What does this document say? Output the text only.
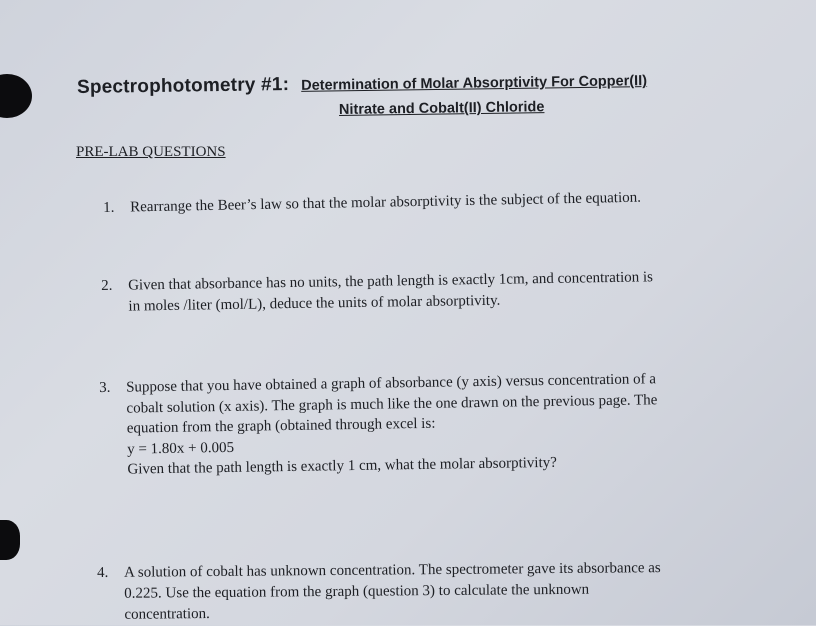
Spectrophotometry #1: Determination of Molar Absorptivity For Copper(II)
Nitrate and Cobalt(II) Chloride
PRE-LAB QUESTIONS
1. Rearrange the Beer’s law so that the molar absorptivity is the subject of the equation.
2. Given that absorbance has no units, the path length is exactly 1cm, and concentration is
in moles /liter (mol/L), deduce the units of molar absorptivity.
3. Suppose that you have obtained a graph of absorbance (y axis) versus concentration of a
cobalt solution (x axis). The graph is much like the one drawn on the previous page. The
equation from the graph (obtained through excel is:
y = 1.80x + 0.005
Given that the path length is exactly 1 cm, what the molar absorptivity?
4. A solution of cobalt has unknown concentration. The spectrometer gave its absorbance as
0.225. Use the equation from the graph (question 3) to calculate the unknown
concentration.
